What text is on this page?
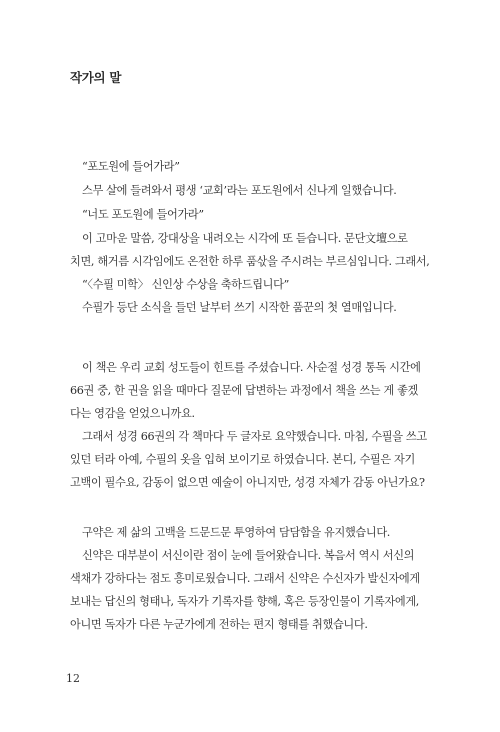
작가의 말
“포도원에 들어가라”
스무 살에 들려와서 평생 ‘교회’라는 포도원에서 신나게 일했습니다.
“너도 포도원에 들어가라”
이 고마운 말씀, 강대상을 내려오는 시각에 또 듣습니다. 문단文壇으로
치면, 해거름 시각임에도 온전한 하루 품삯을 주시려는 부르심입니다. 그래서,
“〈수필 미학〉 신인상 수상을 축하드립니다”
수필가 등단 소식을 들던 날부터 쓰기 시작한 품꾼의 첫 열매입니다.
이 책은 우리 교회 성도들이 힌트를 주셨습니다. 사순절 성경 통독 시간에
66권 중, 한 권을 읽을 때마다 질문에 답변하는 과정에서 책을 쓰는 게 좋겠
다는 영감을 얻었으니까요.
그래서 성경 66권의 각 책마다 두 글자로 요약했습니다. 마침, 수필을 쓰고
있던 터라 아예, 수필의 옷을 입혀 보이기로 하였습니다. 본디, 수필은 자기
고백이 필수요, 감동이 없으면 예술이 아니지만, 성경 자체가 감동 아닌가요?
구약은 제 삶의 고백을 드문드문 투영하여 담담함을 유지했습니다.
신약은 대부분이 서신이란 점이 눈에 들어왔습니다. 복음서 역시 서신의
색채가 강하다는 점도 흥미로웠습니다. 그래서 신약은 수신자가 발신자에게
보내는 답신의 형태나, 독자가 기록자를 향해, 혹은 등장인물이 기록자에게,
아니면 독자가 다른 누군가에게 전하는 편지 형태를 취했습니다.
12
